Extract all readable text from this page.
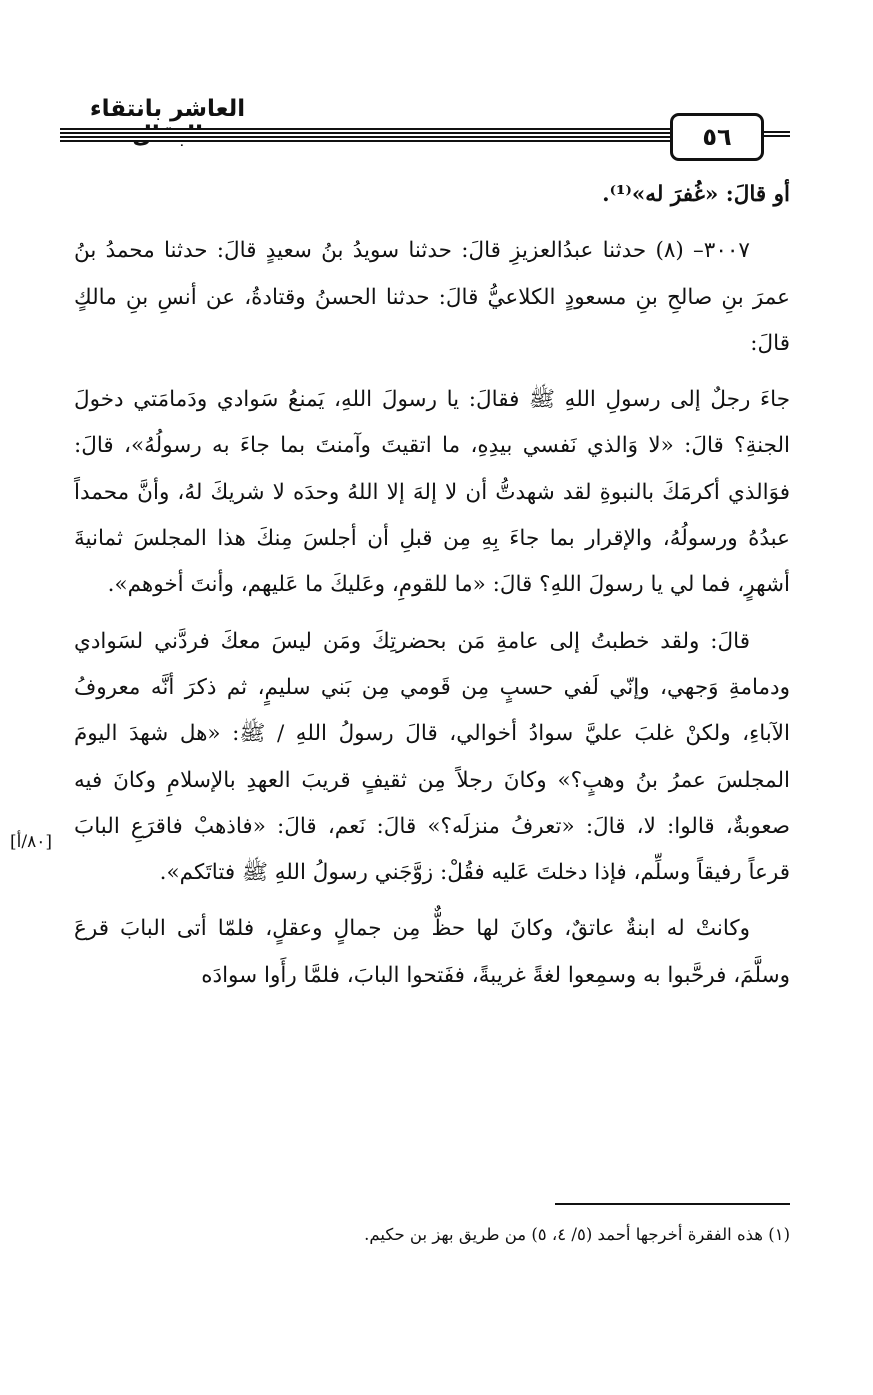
العاشر بانتقاء
٥٦

أو قالَ: «غُفرَ له»⁽¹⁾.

٣٠٠٧– (٨) حدثنا عبدُالعزيزِ قالَ: حدثنا سويدُ بنُ سعيدٍ قالَ: حدثنا محمدُ بنُ عمرَ بنِ صالحِ بنِ مسعودٍ الكلاعيُّ قالَ: حدثنا الحسنُ وقتادةُ، عن أنسِ بنِ مالكٍ قالَ:

جاءَ رجلٌ إلى رسولِ اللهِ ﷺ فقالَ: يا رسولَ اللهِ، يَمنعُ سَوادي ودَمامَتي دخولَ الجنةِ؟ قالَ: «لا وَالذي نَفسي بيدِهِ، ما اتقيتَ وآمنتَ بما جاءَ به رسولُهُ»، قالَ: فوَالذي أكرمَكَ بالنبوةِ لقد شهدتُّ أن لا إلهَ إلا اللهُ وحدَه لا شريكَ لهُ، وأنَّ محمداً عبدُهُ ورسولُهُ، والإقرار بما جاءَ بِهِ مِن قبلِ أن أجلسَ مِنكَ هذا المجلسَ ثمانيةَ أشهرٍ، فما لي يا رسولَ اللهِ؟ قالَ: «ما للقومِ، وعَليكَ ما عَليهم، وأنتَ أخوهم».

قالَ: ولقد خطبتُ إلى عامةِ مَن بحضرتِكَ ومَن ليسَ معكَ فردَّني لسَوادي ودمامةِ وَجهي، وإنّي لَفي حسبٍ مِن قَومي مِن بَني سليمٍ، ثم ذكرَ أنَّه معروفُ الآباءِ، ولكنْ غلبَ عليَّ سوادُ أخوالي، قالَ رسولُ اللهِ / ﷺ: «هل شهدَ اليومَ المجلسَ عمرُ بنُ وهبٍ؟» وكانَ رجلاً مِن ثقيفٍ قريبَ العهدِ بالإسلامِ وكانَ فيه صعوبةٌ، قالوا: لا، قالَ: «تعرفُ منزلَه؟» قالَ: نَعم، قالَ: «فاذهبْ فاقرَعِ البابَ قرعاً رفيقاً وسلِّم، فإذا دخلتَ عَليه فقُلْ: زوَّجَني رسولُ اللهِ ﷺ فتاتَكم».

وكانتْ له ابنةٌ عاتقٌ، وكانَ لها حظٌّ مِن جمالٍ وعقلٍ، فلمّا أتى البابَ قرعَ وسلَّمَ، فرحَّبوا به وسمِعوا لغةً غريبةً، ففَتحوا البابَ، فلمَّا رأَوا سوادَه

[٨٠/أ]
(١) هذه الفقرة أخرجها أحمد (٥/ ٤، ٥) من طريق بهز بن حكيم.
